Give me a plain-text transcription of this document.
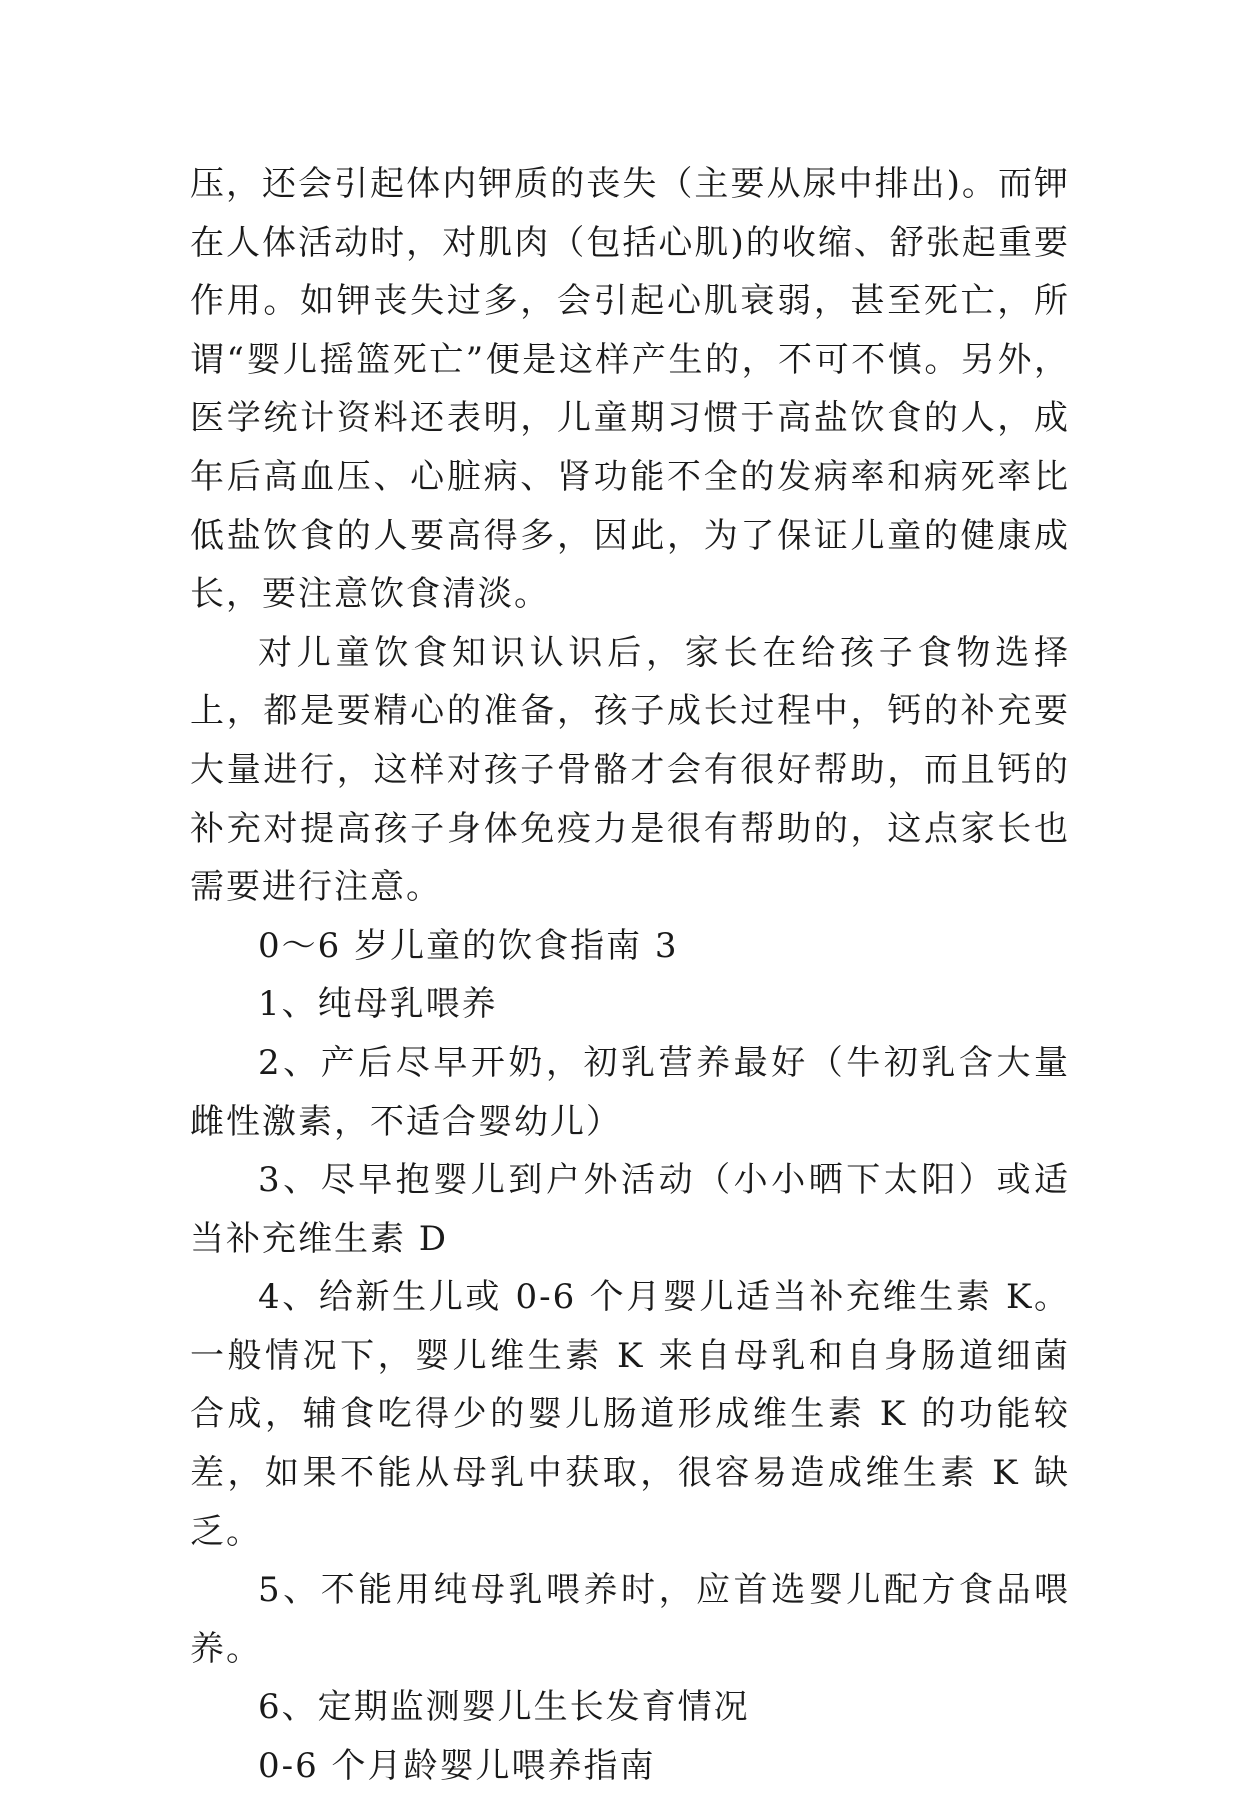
压，还会引起体内钾质的丧失（主要从尿中排出)。而钾在人体活动时，对肌肉（包括心肌)的收缩、舒张起重要作用。如钾丧失过多，会引起心肌衰弱，甚至死亡，所谓“婴儿摇篮死亡”便是这样产生的，不可不慎。另外，医学统计资料还表明，儿童期习惯于高盐饮食的人，成年后高血压、心脏病、肾功能不全的发病率和病死率比低盐饮食的人要高得多，因此，为了保证儿童的健康成长，要注意饮食清淡。

对儿童饮食知识认识后，家长在给孩子食物选择上，都是要精心的准备，孩子成长过程中，钙的补充要大量进行，这样对孩子骨骼才会有很好帮助，而且钙的补充对提高孩子身体免疫力是很有帮助的，这点家长也需要进行注意。

0～6 岁儿童的饮食指南 3

1、纯母乳喂养

2、产后尽早开奶，初乳营养最好（牛初乳含大量雌性激素，不适合婴幼儿）

3、尽早抱婴儿到户外活动（小小晒下太阳）或适当补充维生素 D

4、给新生儿或 0-6 个月婴儿适当补充维生素 K。一般情况下，婴儿维生素 K 来自母乳和自身肠道细菌合成，辅食吃得少的婴儿肠道形成维生素 K 的功能较差，如果不能从母乳中获取，很容易造成维生素 K 缺乏。

5、不能用纯母乳喂养时，应首选婴儿配方食品喂养。

6、定期监测婴儿生长发育情况

0-6 个月龄婴儿喂养指南
